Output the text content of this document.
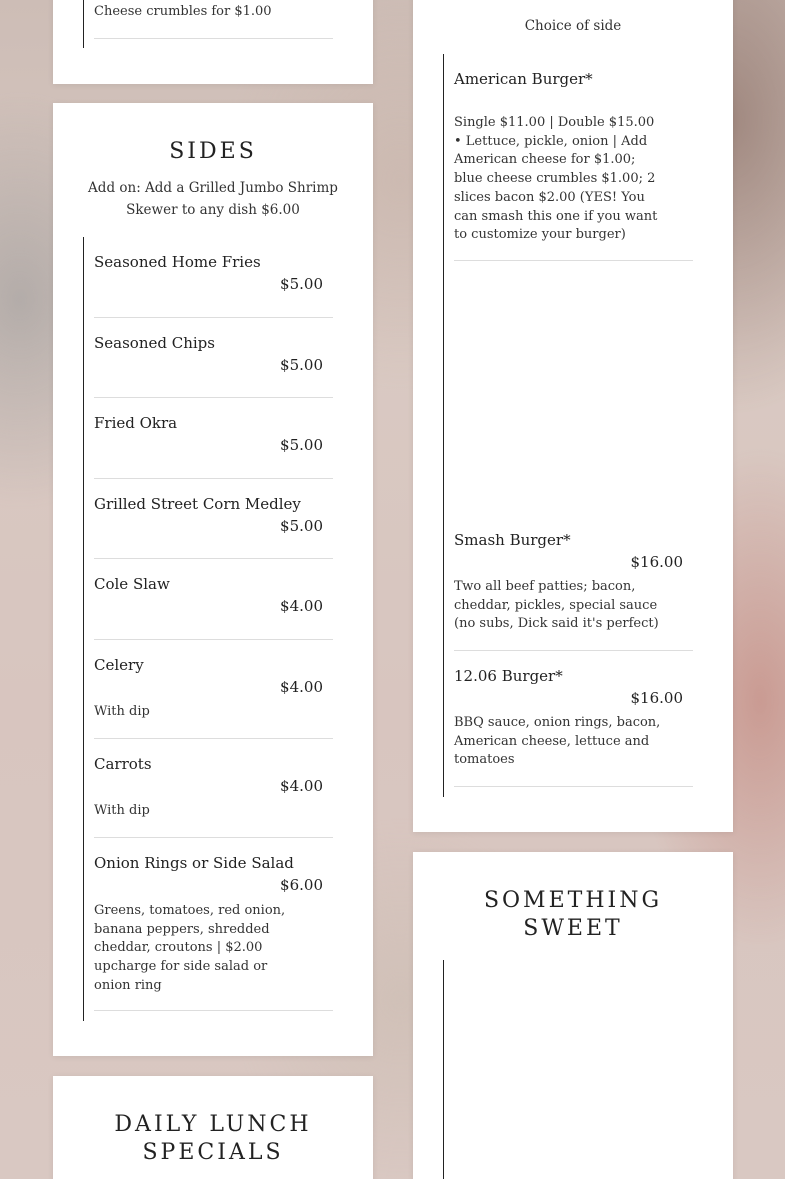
Cheese crumbles for $1.00
SIDES
Add on: Add a Grilled Jumbo Shrimp Skewer to any dish $6.00
Seasoned Home Fries
$5.00
Seasoned Chips
$5.00
Fried Okra
$5.00
Grilled Street Corn Medley
$5.00
Cole Slaw
$4.00
Celery
$4.00
With dip
Carrots
$4.00
With dip
Onion Rings or Side Salad
$6.00
Greens, tomatoes, red onion, banana peppers, shredded cheddar, croutons | $2.00 upcharge for side salad or onion ring
DAILY LUNCH SPECIALS
Choice of side
American Burger*
Single $11.00 | Double $15.00 • Lettuce, pickle, onion | Add American cheese for $1.00; blue cheese crumbles $1.00; 2 slices bacon $2.00 (YES! You can smash this one if you want to customize your burger)
Smash Burger*
$16.00
Two all beef patties; bacon, cheddar, pickles, special sauce (no subs, Dick said it's perfect)
12.06 Burger*
$16.00
BBQ sauce, onion rings, bacon, American cheese, lettuce and tomatoes
SOMETHING SWEET
